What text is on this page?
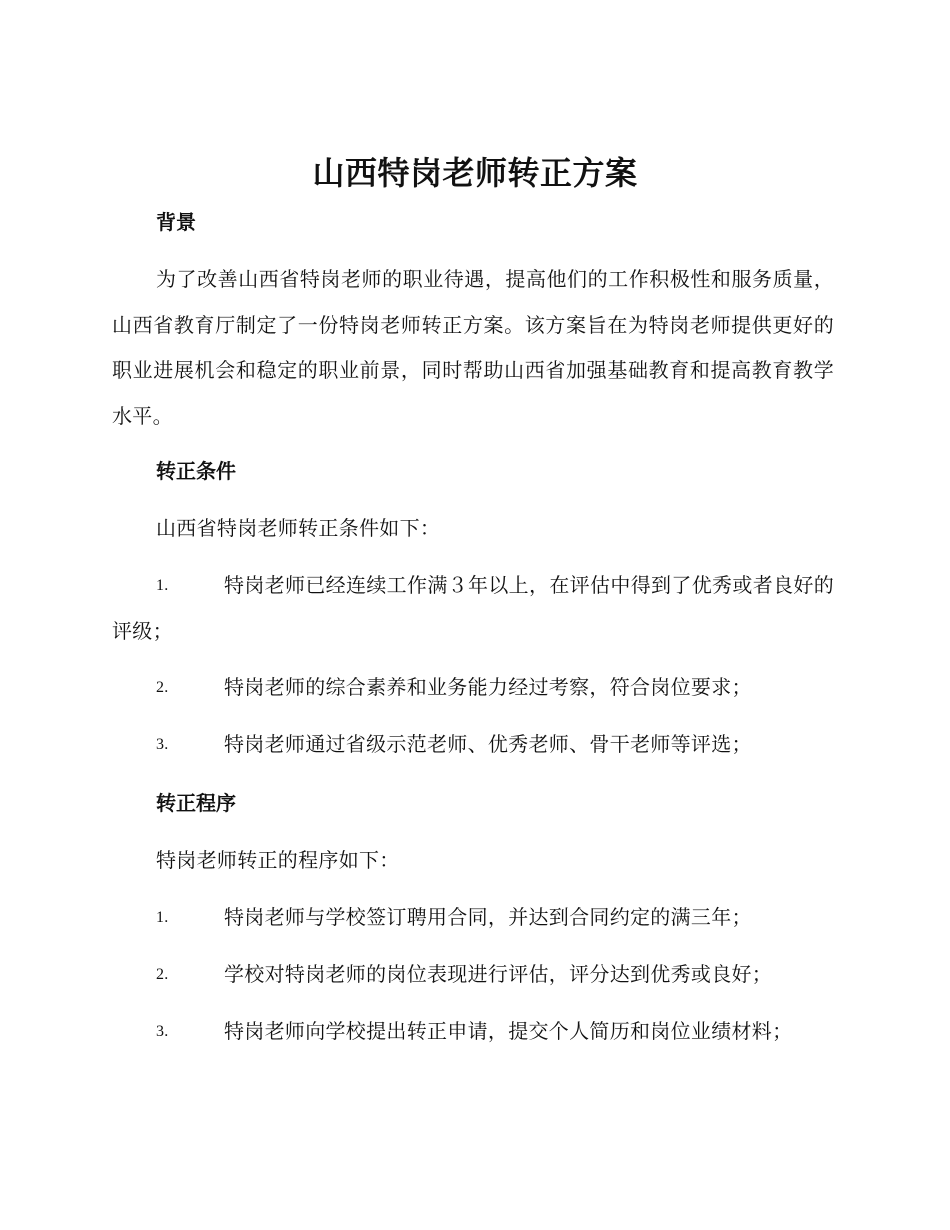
山西特岗老师转正方案
背景
为了改善山西省特岗老师的职业待遇，提高他们的工作积极性和服务质量，山西省教育厅制定了一份特岗老师转正方案。该方案旨在为特岗老师提供更好的职业进展机会和稳定的职业前景，同时帮助山西省加强基础教育和提高教育教学水平。
转正条件
山西省特岗老师转正条件如下：
1.	特岗老师已经连续工作满３年以上，在评估中得到了优秀或者良好的评级；
2.	特岗老师的综合素养和业务能力经过考察，符合岗位要求；
3.	特岗老师通过省级示范老师、优秀老师、骨干老师等评选；
转正程序
特岗老师转正的程序如下：
1.	特岗老师与学校签订聘用合同，并达到合同约定的满三年；
2.	学校对特岗老师的岗位表现进行评估，评分达到优秀或良好；
3.	特岗老师向学校提出转正申请，提交个人简历和岗位业绩材料；
